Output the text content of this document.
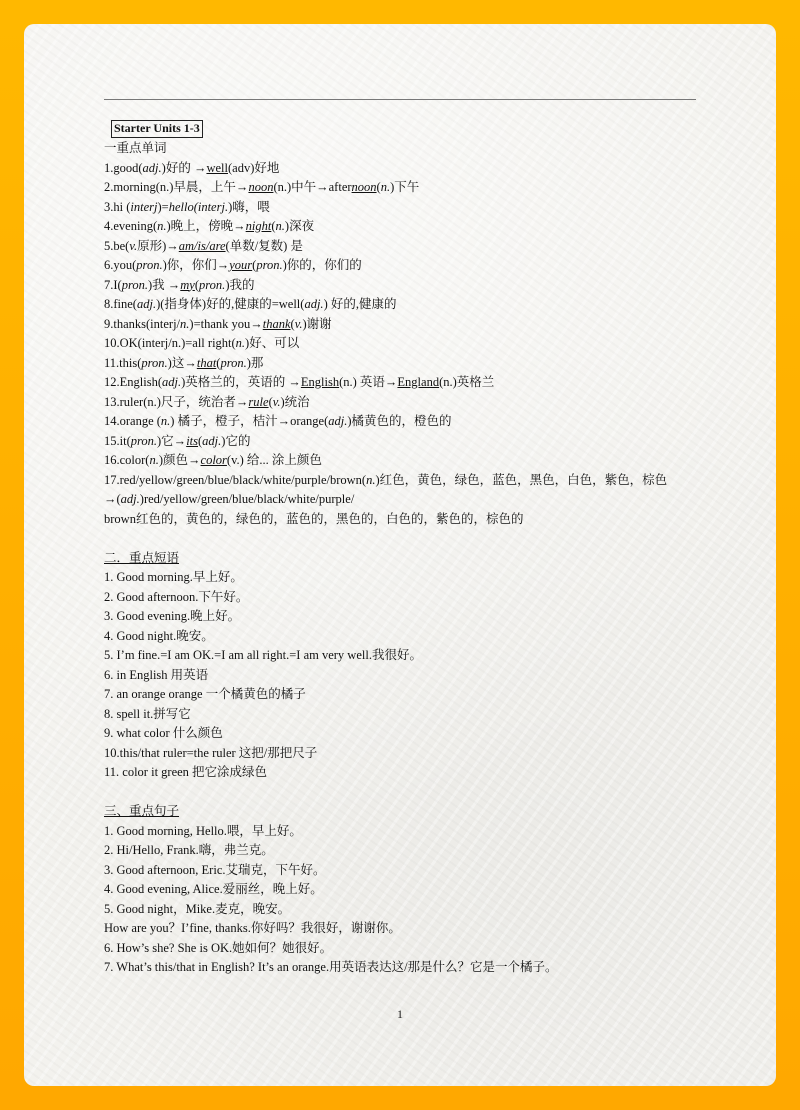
Starter Units 1-3
一重点单词
1.good(adj.)好的 →well(adv)好地
2.morning(n.)早晨，上午→noon(n.)中午→afternoon(n.)下午
3.hi (interj)=hello(interj.)嗨，喂
4.evening(n.)晚上，傍晚→night(n.)深夜
5.be(v.原形)→am/is/are(单数/复数) 是
6.you(pron.)你，你们→your(pron.)你的，你们的
7.I(pron.)我 →my(pron.)我的
8.fine(adj.)(指身体)好的,健康的=well(adj.) 好的,健康的
9.thanks(interj/n.)=thank you→thank(v.)谢谢
10.OK(interj/n.)=all right(n.)好、可以
11.this(pron.)这→that(pron.)那
12.English(adj.)英格兰的，英语的 →English(n.) 英语→England(n.)英格兰
13.ruler(n.)尺子，统治者→rule(v.)统治
14.orange (n.) 橘子，橙子，桔汁→orange(adj.)橘黄色的，橙色的
15.it(pron.)它→its(adj.)它的
16.color(n.)颜色→color(v.) 给... 涂上颜色
17.red/yellow/green/blue/black/white/purple/brown(n.)红色，黄色，绿色，蓝色，黑色，白色，紫色，棕色
→(adj.)red/yellow/green/blue/black/white/purple/
brown红色的，黄色的，绿色的，蓝色的，黑色的，白色的，紫色的，棕色的
二．重点短语
1. Good morning.早上好。
2. Good afternoon.下午好。
3. Good evening.晚上好。
4. Good night.晚安。
5. I’m fine.=I am OK.=I am all right.=I am very well.我很好。
6. in English 用英语
7. an orange orange 一个橘黄色的橘子
8. spell it.拼写它
9. what color 什么颜色
10.this/that ruler=the ruler 这把/那把尺子
11. color it green 把它涂成绿色
三、重点句子
1. Good morning, Hello.喂，早上好。
2. Hi/Hello, Frank.嗨，弗兰克。
3. Good afternoon, Eric.艾瑞克，下午好。
4. Good evening, Alice.爱丽丝，晚上好。
5. Good night，Mike.麦克，晚安。
How are you？I’fine, thanks.你好吗？我很好，谢谢你。
6. How’s she? She is OK.她如何？她很好。
7. What’s this/that in English? It’s an orange.用英语表达这/那是什么？它是一个橘子。
1
